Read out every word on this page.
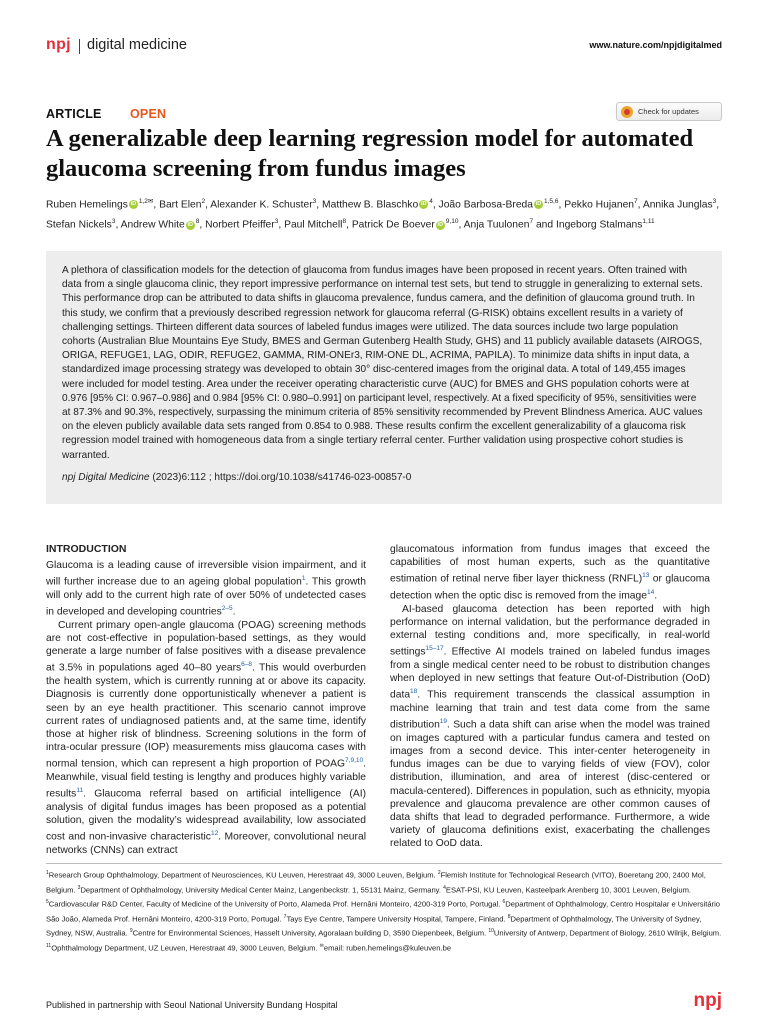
npj digital medicine	www.nature.com/npjdigitalmed
ARTICLE OPEN	Check for updates
A generalizable deep learning regression model for automated glaucoma screening from fundus images
Ruben Hemelings iD $^{1,2✉}$, Bart Elen$^2$, Alexander K. Schuster$^3$, Matthew B. Blaschko iD $^4$, João Barbosa-Breda iD $^{1,5,6}$, Pekko Hujanen$^7$, Annika Junglas$^3$, Stefan Nickels$^3$, Andrew White iD $^8$, Norbert Pfeiffer$^3$, Paul Mitchell$^8$, Patrick De Boever iD $^{9,10}$, Anja Tuulonen$^7$ and Ingeborg Stalmans$^{1,11}$

A plethora of classification models for the detection of glaucoma from fundus images have been proposed in recent years. Often trained with data from a single glaucoma clinic, they report impressive performance on internal test sets, but tend to struggle in generalizing to external sets. This performance drop can be attributed to data shifts in glaucoma prevalence, fundus camera, and the definition of glaucoma ground truth. In this study, we confirm that a previously described regression network for glaucoma referral (G-RISK) obtains excellent results in a variety of challenging settings. Thirteen different data sources of labeled fundus images were utilized. The data sources include two large population cohorts (Australian Blue Mountains Eye Study, BMES and German Gutenberg Health Study, GHS) and 11 publicly available datasets (AIROGS, ORIGA, REFUGE1, LAG, ODIR, REFUGE2, GAMMA, RIM-ONEr3, RIM-ONE DL, ACRIMA, PAPILA). To minimize data shifts in input data, a standardized image processing strategy was developed to obtain 30° disc-centered images from the original data. A total of 149,455 images were included for model testing. Area under the receiver operating characteristic curve (AUC) for BMES and GHS population cohorts were at 0.976 [95% CI: 0.967–0.986] and 0.984 [95% CI: 0.980–0.991] on participant level, respectively. At a fixed specificity of 95%, sensitivities were at 87.3% and 90.3%, respectively, surpassing the minimum criteria of 85% sensitivity recommended by Prevent Blindness America. AUC values on the eleven publicly available data sets ranged from 0.854 to 0.988. These results confirm the excellent generalizability of a glaucoma risk regression model trained with homogeneous data from a single tertiary referral center. Further validation using prospective cohort studies is warranted.

npj Digital Medicine (2023)6:112 ; https://doi.org/10.1038/s41746-023-00857-0

INTRODUCTION

Glaucoma is a leading cause of irreversible vision impairment, and it will further increase due to an ageing global population$^1$. This growth will only add to the current high rate of over 50% of undetected cases in developed and developing countries$^{2-5}$.

Current primary open-angle glaucoma (POAG) screening methods are not cost-effective in population-based settings, as they would generate a large number of false positives with a disease prevalence at 3.5% in populations aged 40–80 years$^{6-8}$. This would overburden the health system, which is currently running at or above its capacity. Diagnosis is currently done opportunistically whenever a patient is seen by an eye health practitioner. This scenario cannot improve current rates of undiagnosed patients and, at the same time, identify those at higher risk of blindness. Screening solutions in the form of intra-ocular pressure (IOP) measurements miss glaucoma cases with normal tension, which can represent a high proportion of POAG$^{7,9,10}$. Meanwhile, visual field testing is lengthy and produces highly variable results$^{11}$. Glaucoma referral based on artificial intelligence (AI) analysis of digital fundus images has been proposed as a potential solution, given the modality’s widespread availability, low associated cost and non-invasive characteristic$^{12}$. Moreover, convolutional neural networks (CNNs) can extract

glaucomatous information from fundus images that exceed the capabilities of most human experts, such as the quantitative estimation of retinal nerve fiber layer thickness (RNFL)$^{13}$ or glaucoma detection when the optic disc is removed from the image$^{14}$.

AI-based glaucoma detection has been reported with high performance on internal validation, but the performance degraded in external testing conditions and, more specifically, in real-world settings$^{15-17}$. Effective AI models trained on labeled fundus images from a single medical center need to be robust to distribution changes when deployed in new settings that feature Out-of-Distribution (OoD) data$^{18}$. This requirement transcends the classical assumption in machine learning that train and test data come from the same distribution$^{19}$. Such a data shift can arise when the model was trained on images captured with a particular fundus camera and tested on images from a second device. This inter-center heterogeneity in fundus images can be due to varying fields of view (FOV), color distribution, illumination, and area of interest (disc-centered or macula-centered). Differences in population, such as ethnicity, myopia prevalence and glaucoma prevalence are other common causes of data shifts that lead to degraded performance. Furthermore, a wide variety of glaucoma definitions exist, exacerbating the challenges related to OoD data.

$^1$Research Group Ophthalmology, Department of Neurosciences, KU Leuven, Herestraat 49, 3000 Leuven, Belgium. $^2$Flemish Institute for Technological Research (VITO), Boeretang 200, 2400 Mol, Belgium. $^3$Department of Ophthalmology, University Medical Center Mainz, Langenbeckstr. 1, 55131 Mainz, Germany. $^4$ESAT-PSI, KU Leuven, Kasteelpark Arenberg 10, 3001 Leuven, Belgium. $^5$Cardiovascular R&D Center, Faculty of Medicine of the University of Porto, Alameda Prof. Hernâni Monteiro, 4200-319 Porto, Portugal. $^6$Department of Ophthalmology, Centro Hospitalar e Universitário São João, Alameda Prof. Hernâni Monteiro, 4200-319 Porto, Portugal. $^7$Tays Eye Centre, Tampere University Hospital, Tampere, Finland. $^8$Department of Ophthalmology, The University of Sydney, Sydney, NSW, Australia. $^9$Centre for Environmental Sciences, Hasselt University, Agoralaan building D, 3590 Diepenbeek, Belgium. $^{10}$University of Antwerp, Department of Biology, 2610 Wilrijk, Belgium. $^{11}$Ophthalmology Department, UZ Leuven, Herestraat 49, 3000 Leuven, Belgium. ✉email: ruben.hemelings@kuleuven.be

Published in partnership with Seoul National University Bundang Hospital	npj
